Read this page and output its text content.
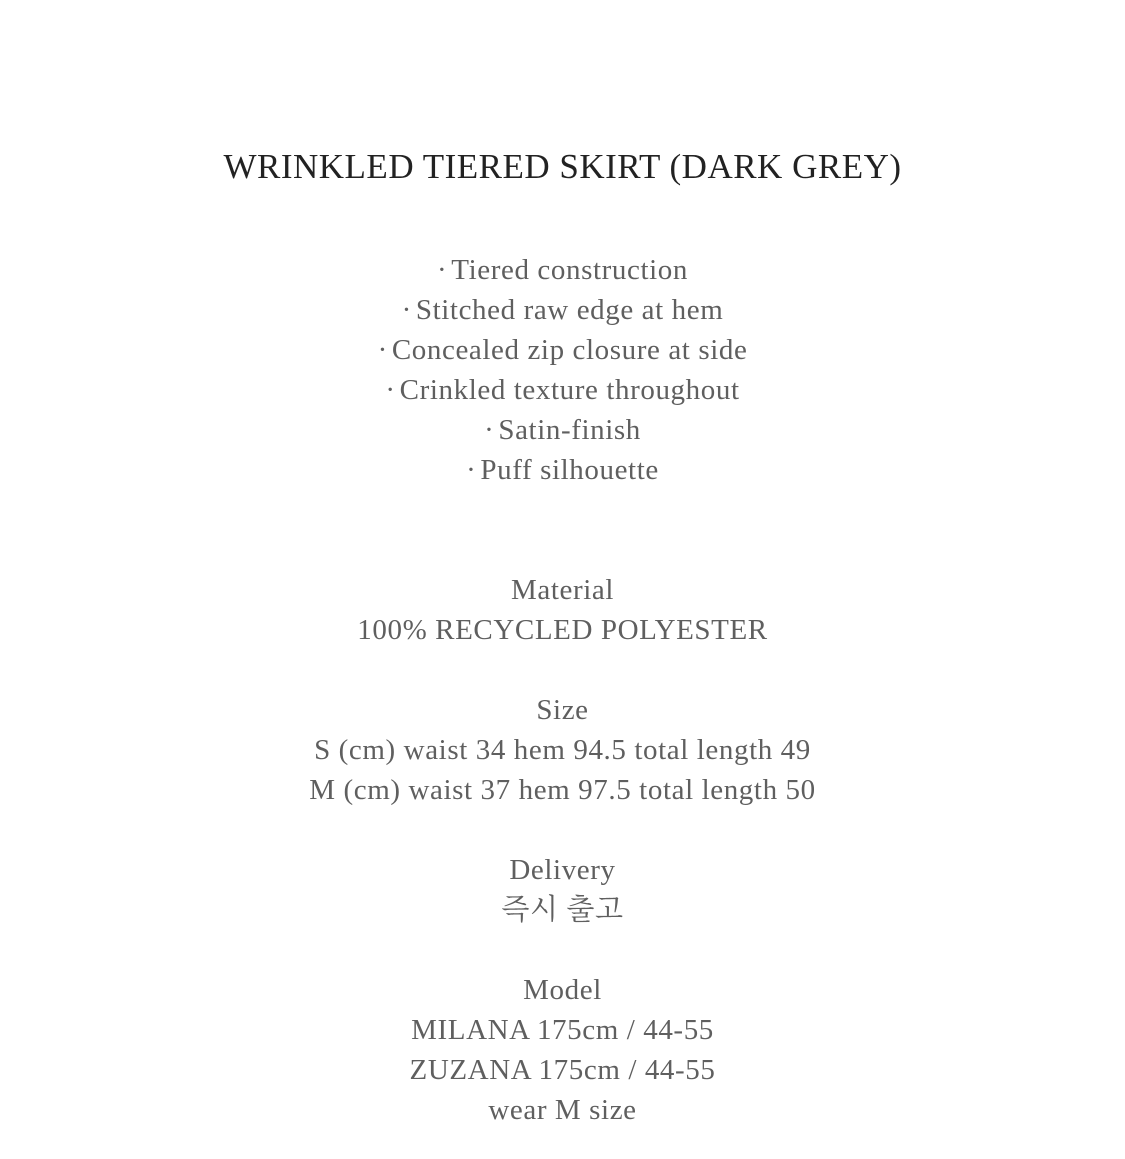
WRINKLED TIERED SKIRT (DARK GREY)
· Tiered construction
· Stitched raw edge at hem
· Concealed zip closure at side
· Crinkled texture throughout
· Satin-finish
· Puff silhouette
Material
100% RECYCLED POLYESTER
Size
S (cm) waist 34 hem 94.5 total length 49
M (cm) waist 37 hem 97.5 total length 50
Delivery
즉시 출고
Model
MILANA 175cm / 44-55
ZUZANA 175cm / 44-55
wear M size
